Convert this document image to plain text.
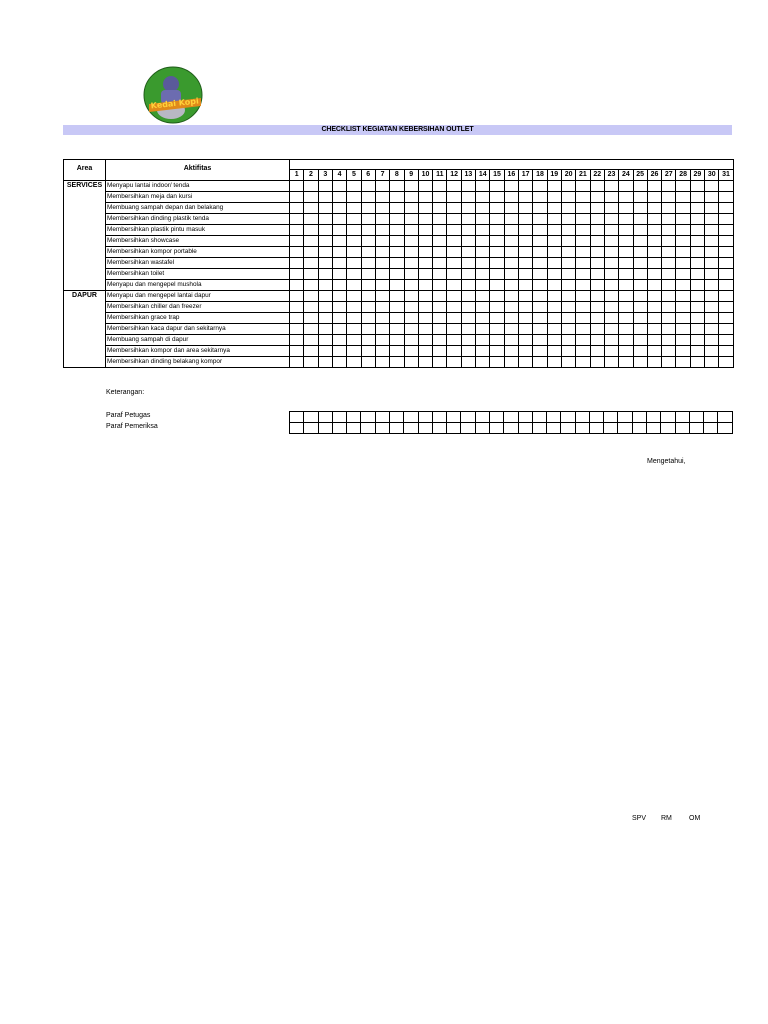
Kedai Kopi
CHECKLIST KEGIATAN KEBERSIHAN OUTLET
Area	Aktifitas																															
		1	2	3	4	5	6	7	8	9	10	11	12	13	14	15	16	17	18	19	20	21	22	23	24	25	26	27	28	29	30	31
SERVICES	Menyapu lantai indoor/ tenda																															
	Membersihkan meja dan kursi																															
	Membuang sampah depan dan belakang																															
	Membersihkan dinding plastik tenda																															
	Membersihkan plastik pintu masuk																															
	Membersihkan showcase																															
	Membersihkan kompor portable																															
	Membersihkan wastafel																															
	Membersihkan toilet																															
	Menyapu dan mengepel mushola																															
DAPUR	Menyapu dan mengepel lantai dapur																															
	Membersihkan chiller dan freezer																															
	Membersihkan grace trap																															
	Membersihkan kaca dapur dan sekitarnya																															
	Membuang sampah di dapur																															
	Membersihkan kompor dan area sekitarnya																															
	Membersihkan dinding belakang kompor																															
Keterangan:
Paraf Petugas
Paraf Pemeriksa

Mengetahui,
SPV RM OM
